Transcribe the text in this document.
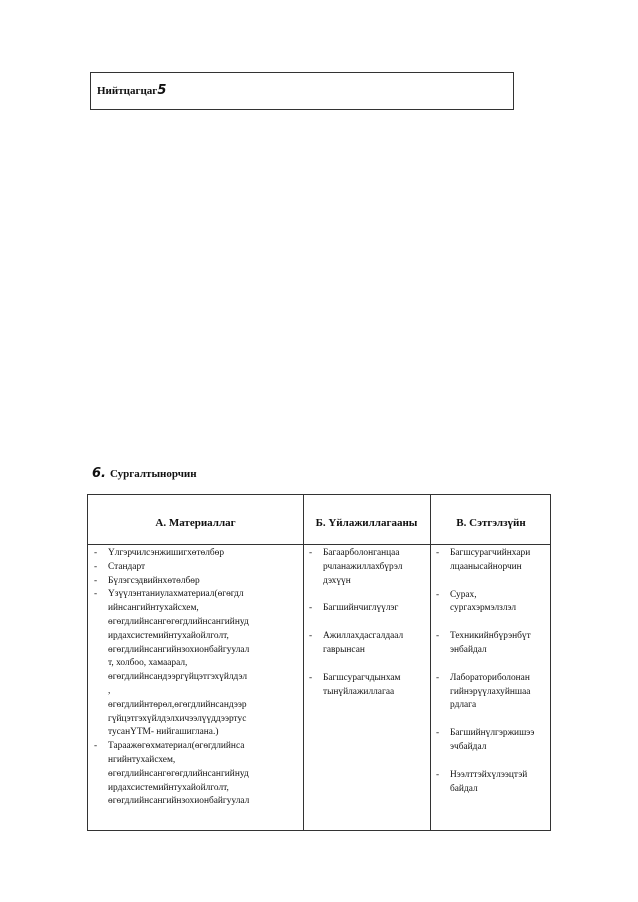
Нийтцагцаг5
6. Сургалтынорчин
А. Материаллаг	Б. Үйлажиллагааны	В. Сэтгэлзүйн
- Үлгэрчилсэнжишигхөтөлбөр
- Стандарт
- Бүлэгсэдвийнхөтөлбөр
- Үзүүлэнтаниулахматериал(өгөгдл
ийнсангийнтухайсхем,
өгөгдлийнсангөгөгдлийнсангийнуд
ирдахсистемийнтухайойлголт,
өгөгдлийнсангийнзохионбайгуулал
т, холбоо, хамаарал,
өгөгдлийнсандээргүйцэтгэхүйлдэл
,
өгөгдлийнтөрөл,өгөгдлийнсандээр
гүйцэтгэхүйлдэлхичээлүүддээртус
тусанҮТМ- нийгашиглана.)
- Тараажөгөхматериал(өгөгдлийнса
нгийнтухайсхем,
өгөгдлийнсангөгөгдлийнсангийнуд
ирдахсистемийнтухайойлголт,
өгөгдлийнсангийнзохионбайгуулал
- Багаарболонганцаа
рчланажиллахбүрэл
дэхүүн
- Багшийнчиглүүлэг
- Ажиллахдасгалдаал
гаврынсан
- Багшсурагчдынхам
тынүйлажиллагаа
- Багшсурагчийнхари
лцаанысайнорчин
- Сурах,
сургахэрмэлзлэл
- Техникийнбүрэнбүт
энбайдал
- Лабораториболонан
гийнэрүүлахуйншаа
рдлага
- Багшийнүлгэржишээ
эчбайдал
- Нээлттэйхүлээцтэй
байдал
